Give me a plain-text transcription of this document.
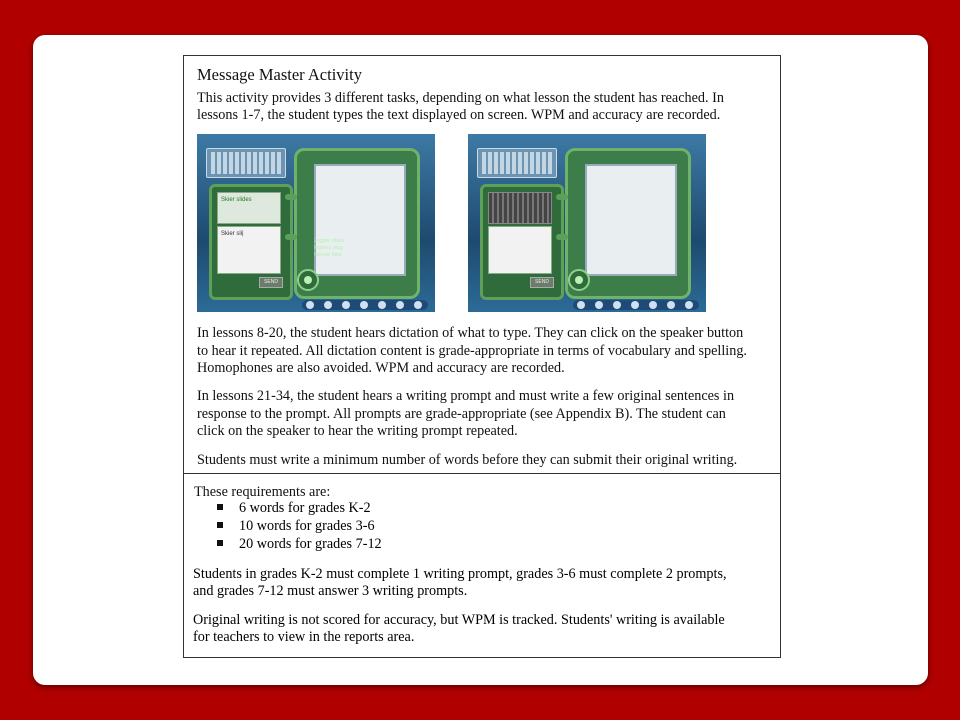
Message Master Activity
This activity provides 3 different tasks, depending on what lesson the student has reached. In
lessons 1-7, the student types the text displayed on screen. WPM and accuracy are recorded.
Skier slides
Skier sli|
Juggle disks
legless slug
Geese hiss
SEND	SEND
In lessons 8-20, the student hears dictation of what to type. They can click on the speaker button
to hear it repeated. All dictation content is grade-appropriate in terms of vocabulary and spelling.
Homophones are also avoided. WPM and accuracy are recorded.
In lessons 21-34, the student hears a writing prompt and must write a few original sentences in
response to the prompt. All prompts are grade-appropriate (see Appendix B). The student can
click on the speaker to hear the writing prompt repeated.
Students must write a minimum number of words before they can submit their original writing.
These requirements are:
6 words for grades K-2
10 words for grades 3-6
20 words for grades 7-12
Students in grades K-2 must complete 1 writing prompt, grades 3-6 must complete 2 prompts,
and grades 7-12 must answer 3 writing prompts.
Original writing is not scored for accuracy, but WPM is tracked. Students' writing is available
for teachers to view in the reports area.
